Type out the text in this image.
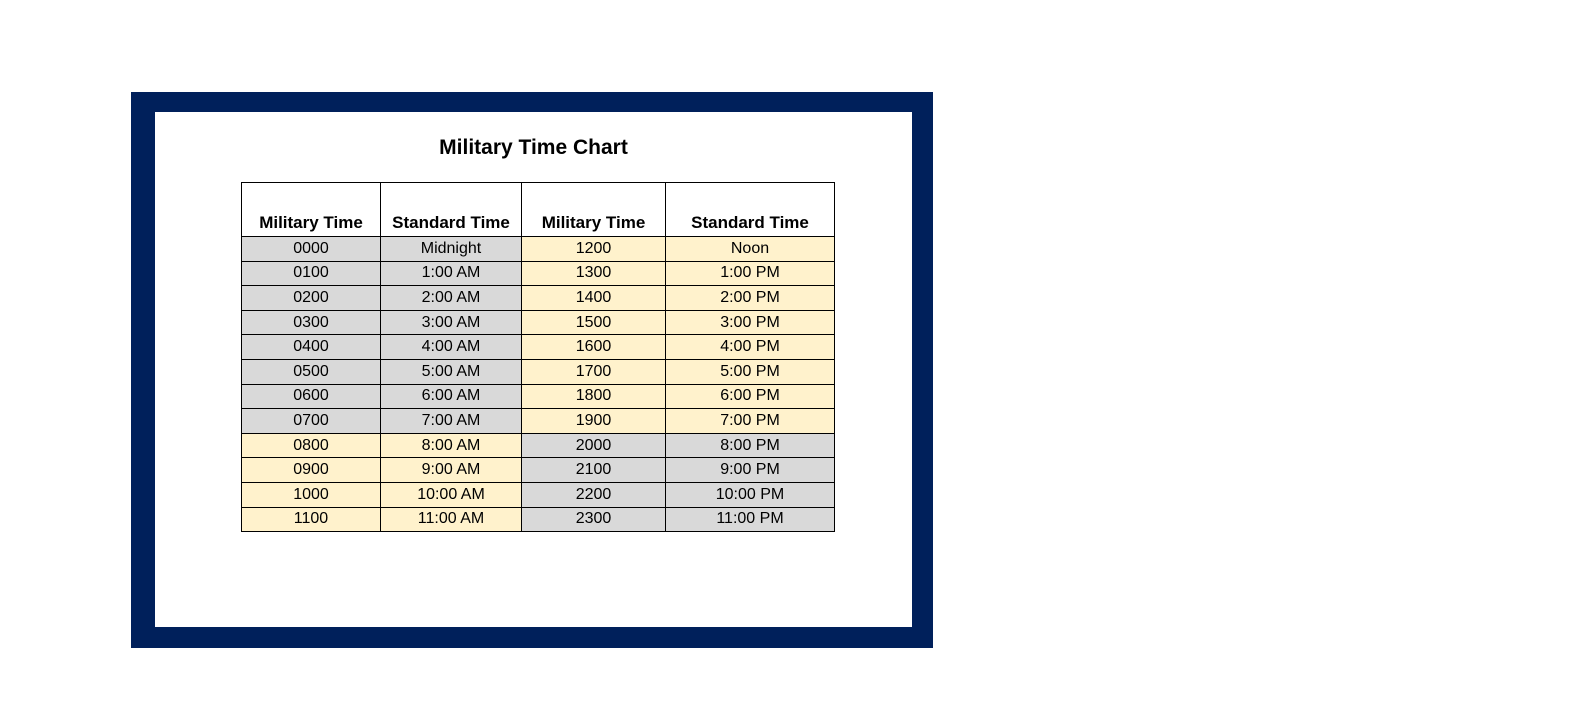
Military Time Chart
Military Time	Standard Time	Military Time	Standard Time
0000	Midnight	1200	Noon
0100	1:00 AM	1300	1:00 PM
0200	2:00 AM	1400	2:00 PM
0300	3:00 AM	1500	3:00 PM
0400	4:00 AM	1600	4:00 PM
0500	5:00 AM	1700	5:00 PM
0600	6:00 AM	1800	6:00 PM
0700	7:00 AM	1900	7:00 PM
0800	8:00 AM	2000	8:00 PM
0900	9:00 AM	2100	9:00 PM
1000	10:00 AM	2200	10:00 PM
1100	11:00 AM	2300	11:00 PM
